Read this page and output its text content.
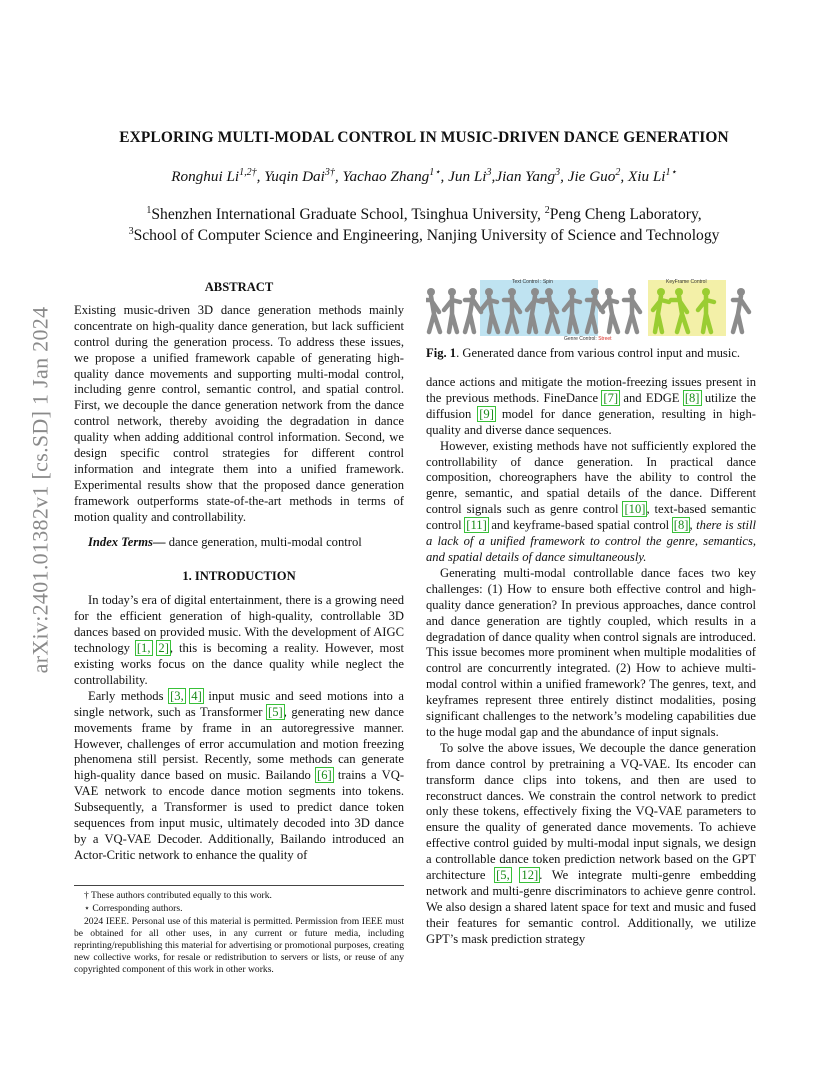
arXiv:2401.01382v1 [cs.SD] 1 Jan 2024
EXPLORING MULTI-MODAL CONTROL IN MUSIC-DRIVEN DANCE GENERATION
Ronghui $Li^{1,2\dagger}$, Yuqin Dai$^{3\dagger}$, Yachao Zhang$^{1⋆}$, Jun Li$^3$,Jian Yang$^3$, Jie Guo$^2$, Xiu $Li^{1⋆}$
$^1$Shenzhen International Graduate School, Tsinghua University, $^2$Peng Cheng Laboratory,
$^3$School of Computer Science and Engineering, Nanjing University of Science and Technology
ABSTRACT

Existing music-driven 3D dance generation methods mainly concentrate on high-quality dance generation, but lack sufficient control during the generation process. To address these issues, we propose a unified framework capable of generating high-quality dance movements and supporting multi-modal control, including genre control, semantic control, and spatial control. First, we decouple the dance generation network from the dance control network, thereby avoiding the degradation in dance quality when adding additional control information. Second, we design specific control strategies for different control information and integrate them into a unified framework. Experimental results show that the proposed dance generation framework outperforms state-of-the-art methods in terms of motion quality and controllability.

Index Terms— dance generation, multi-modal control

1. INTRODUCTION

In today’s era of digital entertainment, there is a growing need for the efficient generation of high-quality, controllable 3D dances based on provided music. With the development of AIGC technology [1, 2], this is becoming a reality. However, most existing works focus on the dance quality while neglect the controllability.

Early methods [3, 4] input music and seed motions into a single network, such as Transformer [5], generating new dance movements frame by frame in an autoregressive manner. However, challenges of error accumulation and motion freezing phenomena still persist. Recently, some methods can generate high-quality dance based on music. Bailando [6] trains a VQ-VAE network to encode dance motion segments into tokens. Subsequently, a Transformer is used to predict dance token sequences from input music, ultimately decoded into 3D dance by a VQ-VAE Decoder. Additionally, Bailando introduced an Actor-Critic network to enhance the quality of

† These authors contributed equally to this work.

⋆ Corresponding authors.

2024 IEEE. Personal use of this material is permitted. Permission from IEEE must be obtained for all other uses, in any current or future media, including reprinting/republishing this material for advertising or promotional purposes, creating new collective works, for resale or redistribution to servers or lists, or reuse of any copyrighted component of this work in other works.

Text Control : Spin	KeyFrame Control
Genre Control: Street
Fig. 1. Generated dance from various control input and music.

dance actions and mitigate the motion-freezing issues present in the previous methods. FineDance [7] and EDGE [8] utilize the diffusion [9] model for dance generation, resulting in high-quality and diverse dance sequences.

However, existing methods have not sufficiently explored the controllability of dance generation. In practical dance composition, choreographers have the ability to control the genre, semantic, and spatial details of the dance. Different control signals such as genre control [10], text-based semantic control [11] and keyframe-based spatial control [8], there is still a lack of a unified framework to control the genre, semantics, and spatial details of dance simultaneously.

Generating multi-modal controllable dance faces two key challenges: (1) How to ensure both effective control and high-quality dance generation? In previous approaches, dance control and dance generation are tightly coupled, which results in a degradation of dance quality when control signals are introduced. This issue becomes more prominent when multiple modalities of control are concurrently integrated. (2) How to achieve multi-modal control within a unified framework? The genres, text, and keyframes represent three entirely distinct modalities, posing significant challenges to the network’s modeling capabilities due to the huge modal gap and the abundance of input signals.

To solve the above issues, We decouple the dance generation from dance control by pretraining a VQ-VAE. Its encoder can transform dance clips into tokens, and then are used to reconstruct dances. We constrain the control network to predict only these tokens, effectively fixing the VQ-VAE parameters to ensure the quality of generated dance movements. To achieve effective control guided by multi-modal input signals, we design a controllable dance token prediction network based on the GPT architecture [5, 12]. We integrate multi-genre embedding network and multi-genre discriminators to achieve genre control. We also design a shared latent space for text and music and fused their features for semantic control. Additionally, we utilize GPT’s mask prediction strategy
